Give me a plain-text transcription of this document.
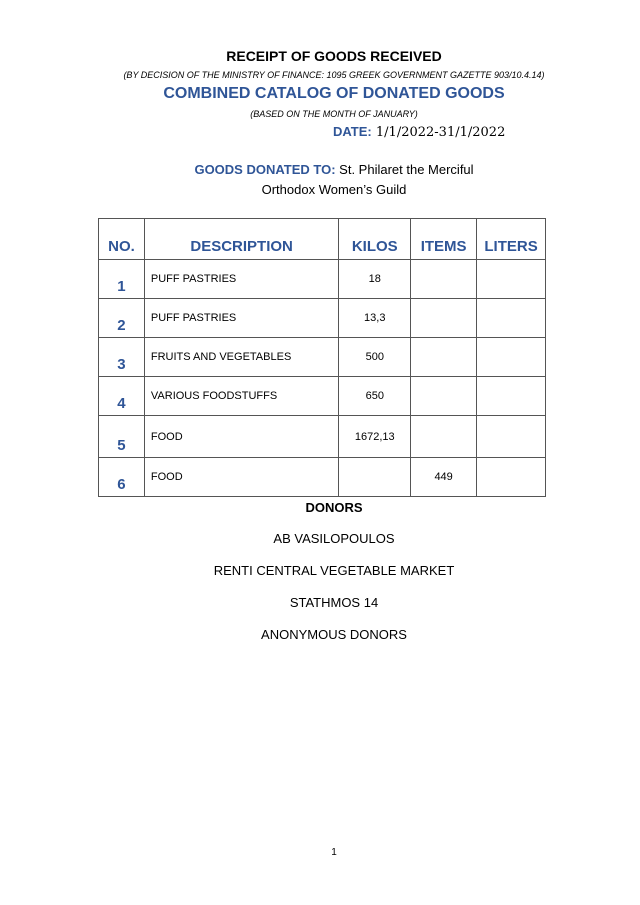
RECEIPT OF GOODS RECEIVED
(BY DECISION OF THE MINISTRY OF FINANCE: 1095 GREEK GOVERNMENT GAZETTE 903/10.4.14)
COMBINED CATALOG OF DONATED GOODS
(BASED ON THE MONTH OF JANUARY)
DATE: 1/1/2022-31/1/2022
GOODS DONATED TO: St. Philaret the Merciful
Orthodox Women’s Guild
NO.	DESCRIPTION	KILOS	ITEMS	LITERS
1	PUFF PASTRIES	18		
2	PUFF PASTRIES	13,3		
3	FRUITS AND VEGETABLES	500		
4	VARIOUS FOODSTUFFS	650		
5	FOOD	1672,13		
6	FOOD		449	
DONORS
AB VASILOPOULOS
RENTI CENTRAL VEGETABLE MARKET
STATHMOS 14
ANONYMOUS DONORS
1
